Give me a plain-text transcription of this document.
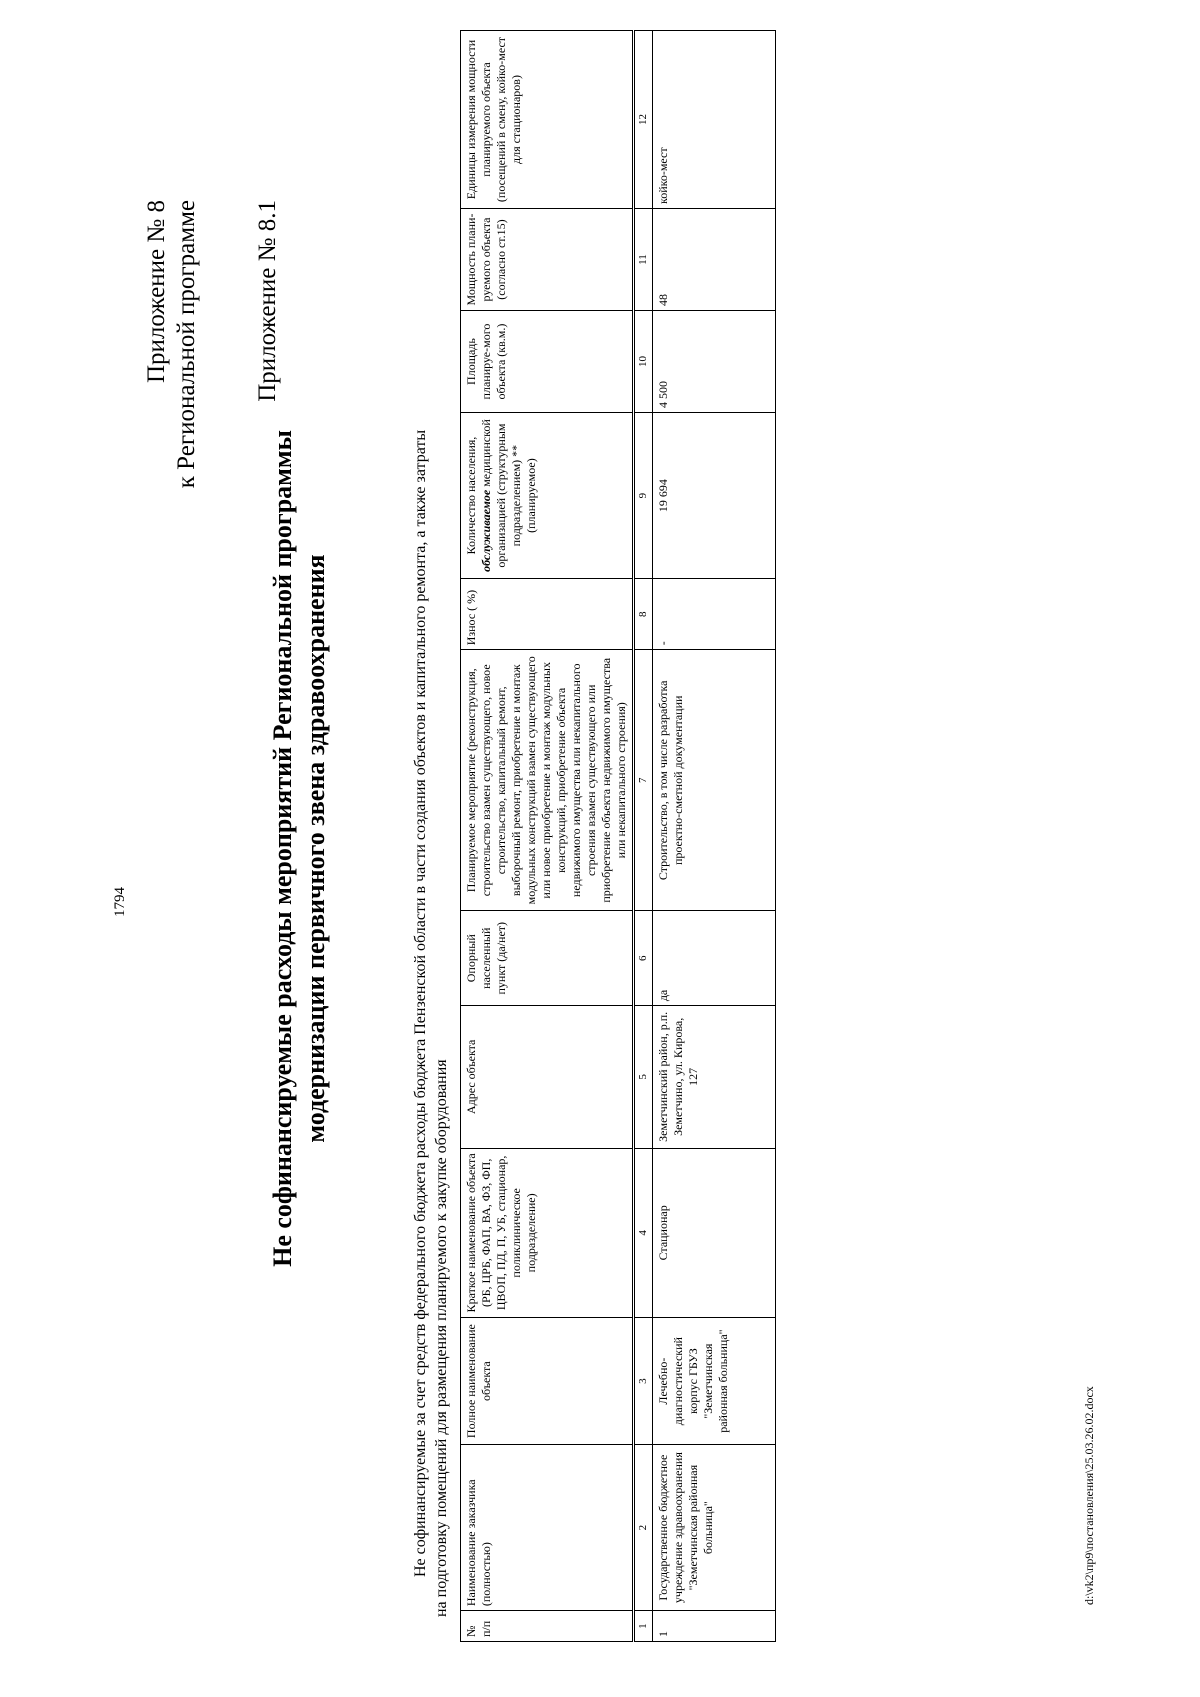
1794
Приложение № 8 к Региональной программе Приложение № 8.1
Не софинансируемые расходы мероприятий Региональной программы модернизации первичного звена здравоохранения	Не софинансируемые за счет средств федерального бюджета расходы бюджета Пензенской области в части создания объектов и капитального ремонта, а также затраты на подготовку помещений для размещения планируемого к закупке оборудования
№ п/п	Наименование заказчика (полностью)	Полное наименование объекта	Краткое наименование объекта (РБ, ЦРБ, ФАП, ВА, ФЗ, ФП, ЦВОП, ПД, П, УБ, стационар, поликлиническое подразделение)	Адрес объекта	Опорный населенный пункт (да/нет)	Планируемое мероприятие (реконструкция, строительство взамен существующего, новое строительство, капитальный ремонт, выборочный ремонт, приобретение и монтаж модульных конструкций взамен существующего или новое приобретение и монтаж модульных конструкций, приобретение объекта недвижимого имущества или некапитального строения взамен существующего или приобретение объекта недвижимого имущества или некапитального строения)	Износ ( %)	Количество населения, обслуживаемое медицинской организацией (структурным подразделением) ** (планируемое)	Площадь планируе-мого объекта (кв.м.)	Мощность плани-руемого объекта (согласно ст.15)	Единицы измерения мощности планируемого объекта (посещений в смену, койко-мест для стационаров)
1	2	3	4	5	6	7	8	9	10	11	12
1	Государственное бюджетное учреждение здравоохранения "Земетчинская районная больница"	Лечебно-диагностический корпус ГБУЗ "Земетчинская районная больница"	Стационар	Земетчинский район, р.п. Земетчино, ул. Кирова, 127	да	Строительство, в том числе разработка проектно-сметной документации	-	19 694	4 500	48	койко-мест
d:\vk2\пр9\постановления\25.03.26.02.docx
